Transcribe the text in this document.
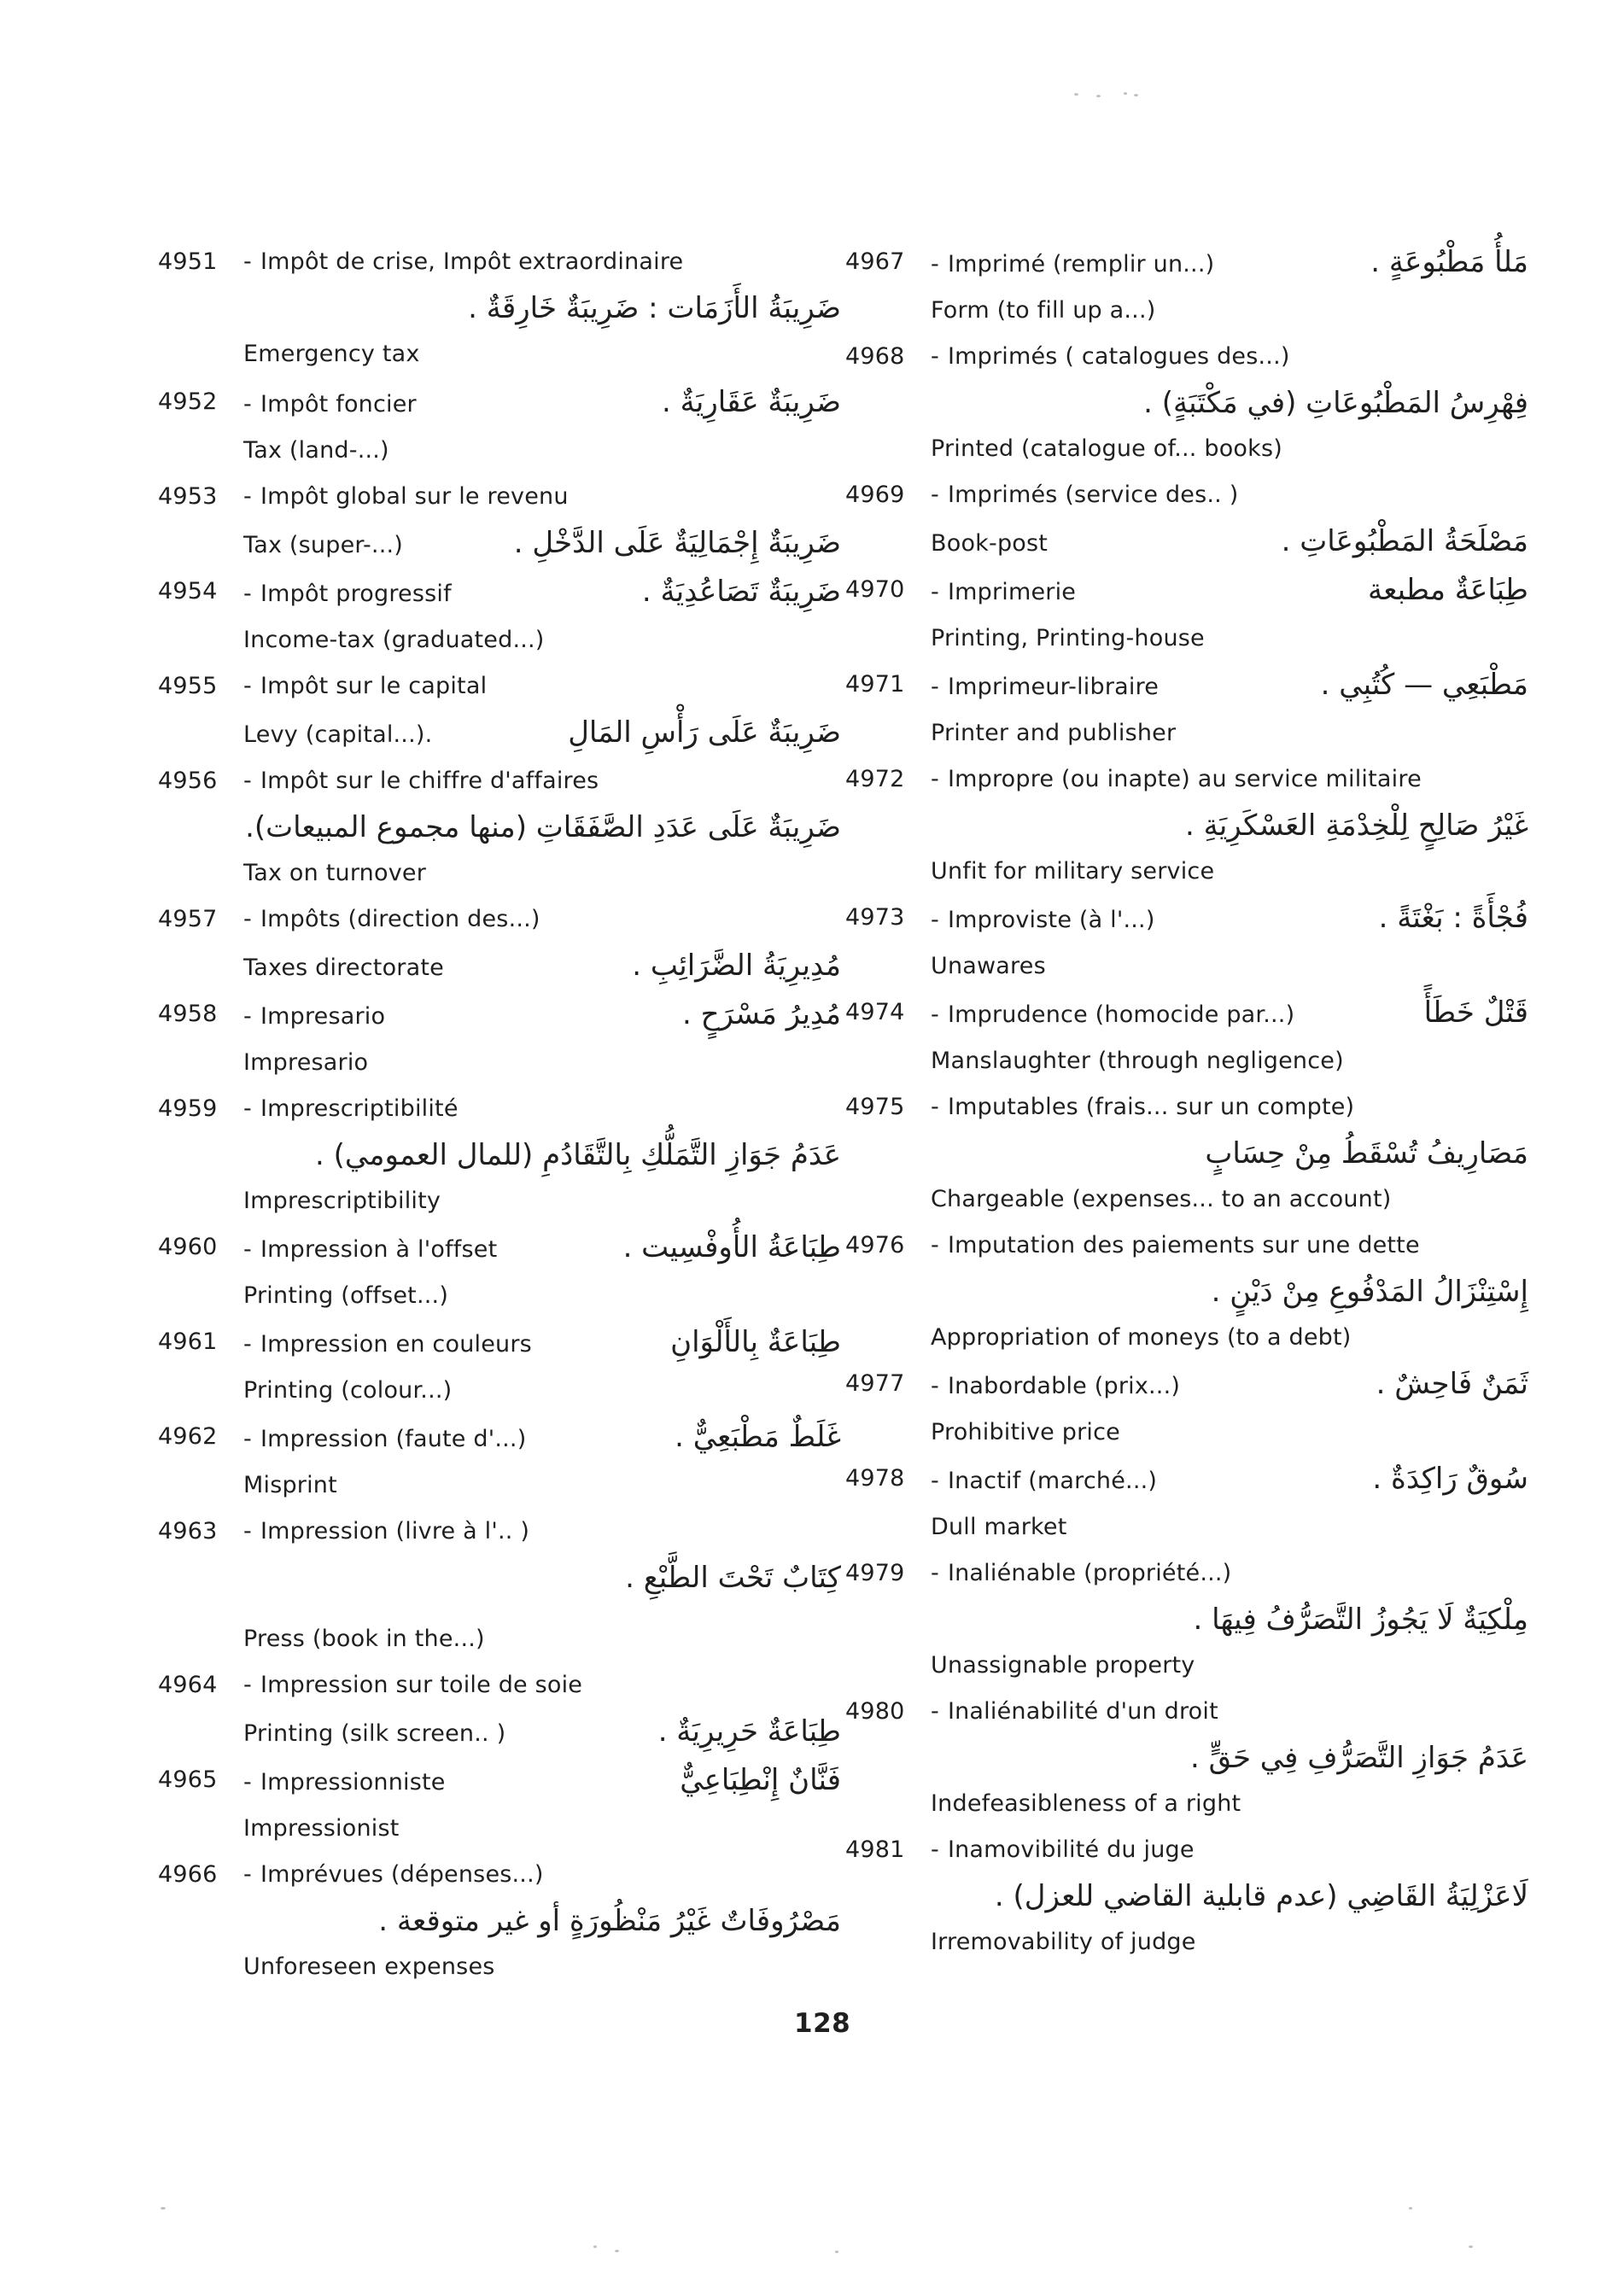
4951	- Impôt de crise, Impôt extraordinaire
ضَرِيبَةُ الأَزَمَات : ضَرِيبَةٌ خَارِقَةٌ .
Emergency tax
4952	- Impôt foncier	ضَرِيبَةٌ عَقَارِيَةٌ .
Tax (land-...)
4953	- Impôt global sur le revenu
Tax (super-...)	ضَرِيبَةٌ إِجْمَالِيَةٌ عَلَى الدَّخْلِ .
4954	- Impôt progressif	ضَرِيبَةٌ تَصَاعُدِيَةٌ .
Income-tax (graduated...)
4955	- Impôt sur le capital
Levy (capital...).	ضَرِيبَةٌ عَلَى رَأْسِ المَالِ
4956	- Impôt sur le chiffre d'affaires
ضَرِيبَةٌ عَلَى عَدَدِ الصَّفَقَاتِ (منها مجموع المبيعات).
Tax on turnover
4957	- Impôts (direction des...)
Taxes directorate	مُدِيرِيَةُ الضَّرَائِبِ .
4958	- Impresario	مُدِيرُ مَسْرَحٍ .
Impresario
4959	- Imprescriptibilité
عَدَمُ جَوَازِ التَّمَلُّكِ بِالتَّقَادُمِ (للمال العمومي) .
Imprescriptibility
4960	- Impression à l'offset	طِبَاعَةُ الأُوفْسِيت .
Printing (offset...)
4961	- Impression en couleurs	طِبَاعَةٌ بِالأَلْوَانِ
Printing (colour...)
4962	- Impression (faute d'...)	غَلَطٌ مَطْبَعِيٌّ .
Misprint
4963	- Impression (livre à l'.. )
كِتَابٌ تَحْتَ الطَّبْعِ .
Press (book in the...)
4964	- Impression sur toile de soie
Printing (silk screen.. )	طِبَاعَةٌ حَرِيرِيَةٌ .
4965	- Impressionniste	فَنَّانٌ إِنْطِبَاعِيٌّ
Impressionist
4966	- Imprévues (dépenses...)
مَصْرُوفَاتٌ غَيْرُ مَنْظُورَةٍ أو غير متوقعة .
Unforeseen expenses
4967	- Imprimé (remplir un...)	مَلأُ مَطْبُوعَةٍ .
Form (to fill up a...)
4968	- Imprimés ( catalogues des...)
فِهْرِسُ المَطْبُوعَاتِ (في مَكْتَبَةٍ) .
Printed (catalogue of... books)
4969	- Imprimés (service des.. )
Book-post	مَصْلَحَةُ المَطْبُوعَاتِ .
4970	- Imprimerie	طِبَاعَةٌ مطبعة
Printing, Printing-house
4971	- Imprimeur-libraire	مَطْبَعِي — كُتُبِي .
Printer and publisher
4972	- Impropre (ou inapte) au service militaire
غَيْرُ صَالِحٍ لِلْخِدْمَةِ العَسْكَرِيَةِ .
Unfit for military service
4973	- Improviste (à l'...)	فُجْأَةً : بَغْتَةً .
Unawares
4974	- Imprudence (homocide par...)	قَتْلٌ خَطَأً
Manslaughter (through negligence)
4975	- Imputables (frais... sur un compte)
مَصَارِيفُ تُسْقَطُ مِنْ حِسَابٍ
Chargeable (expenses... to an account)
4976	- Imputation des paiements sur une dette
إِسْتِنْزَالُ المَدْفُوعِ مِنْ دَيْنٍ .
Appropriation of moneys (to a debt)
4977	- Inabordable (prix...)	ثَمَنٌ فَاحِشٌ .
Prohibitive price
4978	- Inactif (marché...)	سُوقٌ رَاكِدَةٌ .
Dull market
4979	- Inaliénable (propriété...)
مِلْكِيَةٌ لَا يَجُوزُ التَّصَرُّفُ فِيهَا .
Unassignable property
4980	- Inaliénabilité d'un droit
عَدَمُ جَوَازِ التَّصَرُّفِ فِي حَقٍّ .
Indefeasibleness of a right
4981	- Inamovibilité du juge
لَاعَزْلِيَةُ القَاضِي (عدم قابلية القاضي للعزل) .
Irremovability of judge
128
